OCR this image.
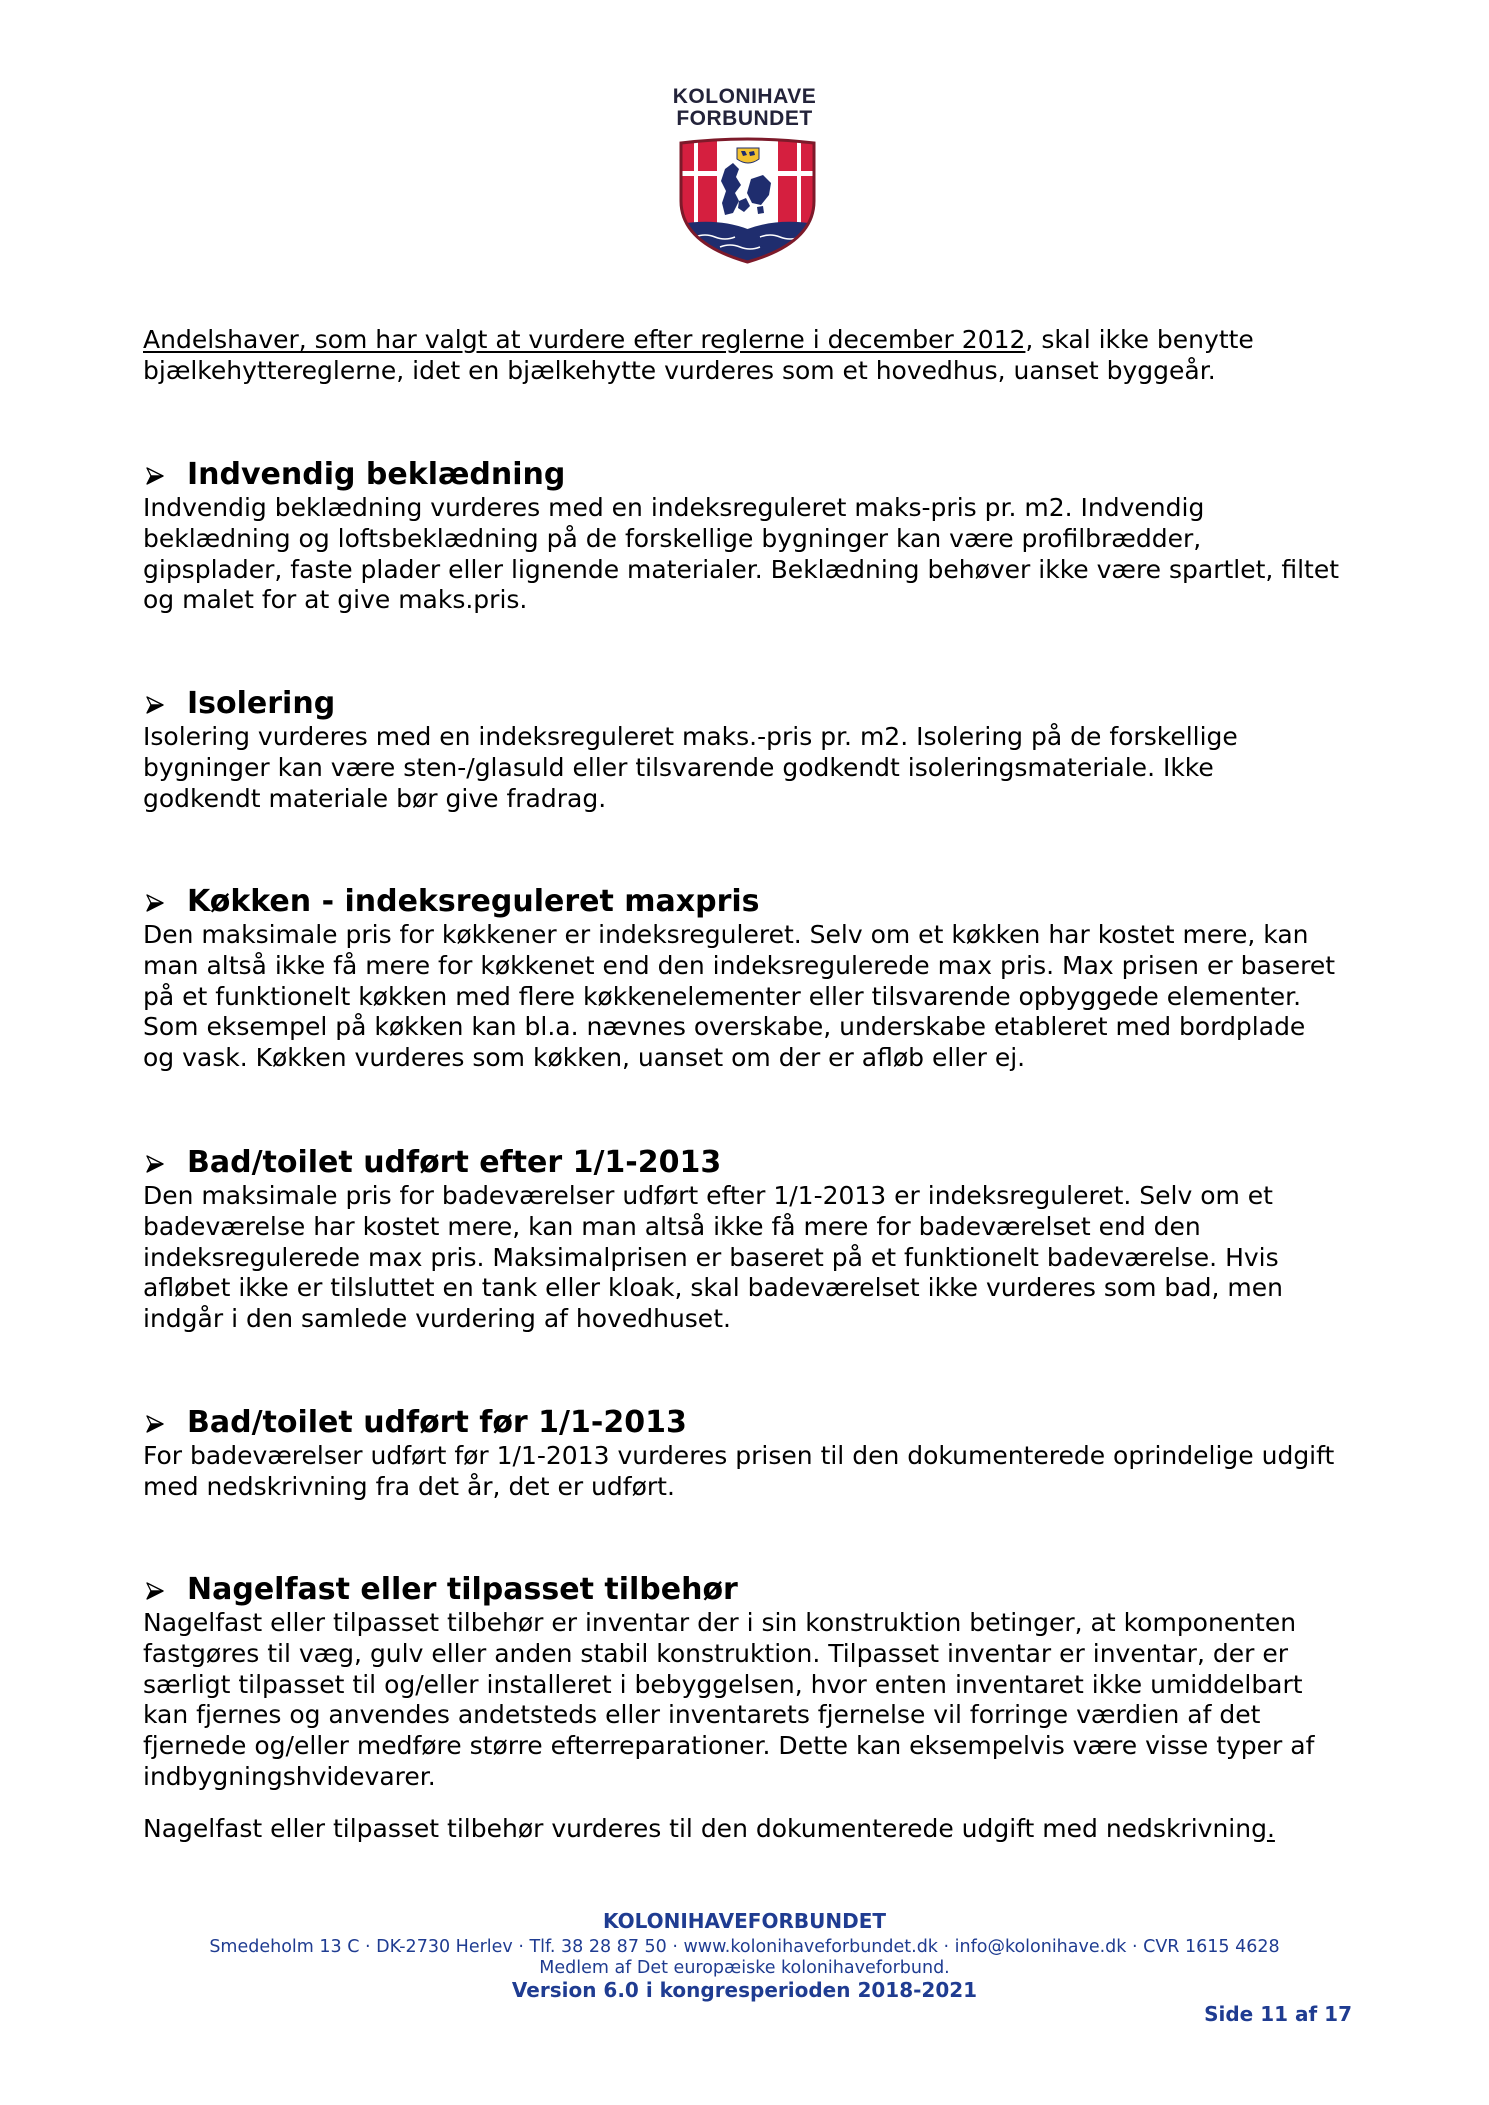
KOLONIHAVE
FORBUNDET
Andelshaver, som har valgt at vurdere efter reglerne i december 2012, skal ikke benytte
bjælkehyttereglerne, idet en bjælkehytte vurderes som et hovedhus, uanset byggeår.
Indvendig beklædning
Indvendig beklædning vurderes med en indeksreguleret maks-pris pr. m2. Indvendig
beklædning og loftsbeklædning på de forskellige bygninger kan være profilbrædder,
gipsplader, faste plader eller lignende materialer. Beklædning behøver ikke være spartlet, filtet
og malet for at give maks.pris.
Isolering
Isolering vurderes med en indeksreguleret maks.-pris pr. m2. Isolering på de forskellige
bygninger kan være sten-/glasuld eller tilsvarende godkendt isoleringsmateriale. Ikke
godkendt materiale bør give fradrag.
Køkken - indeksreguleret maxpris
Den maksimale pris for køkkener er indeksreguleret. Selv om et køkken har kostet mere, kan
man altså ikke få mere for køkkenet end den indeksregulerede max pris. Max prisen er baseret
på et funktionelt køkken med flere køkkenelementer eller tilsvarende opbyggede elementer.
Som eksempel på køkken kan bl.a. nævnes overskabe, underskabe etableret med bordplade
og vask. Køkken vurderes som køkken, uanset om der er afløb eller ej.
Bad/toilet udført efter 1/1-2013
Den maksimale pris for badeværelser udført efter 1/1-2013 er indeksreguleret. Selv om et
badeværelse har kostet mere, kan man altså ikke få mere for badeværelset end den
indeksregulerede max pris. Maksimalprisen er baseret på et funktionelt badeværelse. Hvis
afløbet ikke er tilsluttet en tank eller kloak, skal badeværelset ikke vurderes som bad, men
indgår i den samlede vurdering af hovedhuset.
Bad/toilet udført før 1/1-2013
For badeværelser udført før 1/1-2013 vurderes prisen til den dokumenterede oprindelige udgift
med nedskrivning fra det år, det er udført.
Nagelfast eller tilpasset tilbehør
Nagelfast eller tilpasset tilbehør er inventar der i sin konstruktion betinger, at komponenten
fastgøres til væg, gulv eller anden stabil konstruktion. Tilpasset inventar er inventar, der er
særligt tilpasset til og/eller installeret i bebyggelsen, hvor enten inventaret ikke umiddelbart
kan fjernes og anvendes andetsteds eller inventarets fjernelse vil forringe værdien af det
fjernede og/eller medføre større efterreparationer. Dette kan eksempelvis være visse typer af
indbygningshvidevarer.
Nagelfast eller tilpasset tilbehør vurderes til den dokumenterede udgift med nedskrivning.
KOLONIHAVEFORBUNDET
Smedeholm 13 C · DK-2730 Herlev · Tlf. 38 28 87 50 · www.kolonihaveforbundet.dk · info@kolonihave.dk · CVR 1615 4628
Medlem af Det europæiske kolonihaveforbund.
Version 6.0 i kongresperioden 2018-2021
Side 11 af 17
